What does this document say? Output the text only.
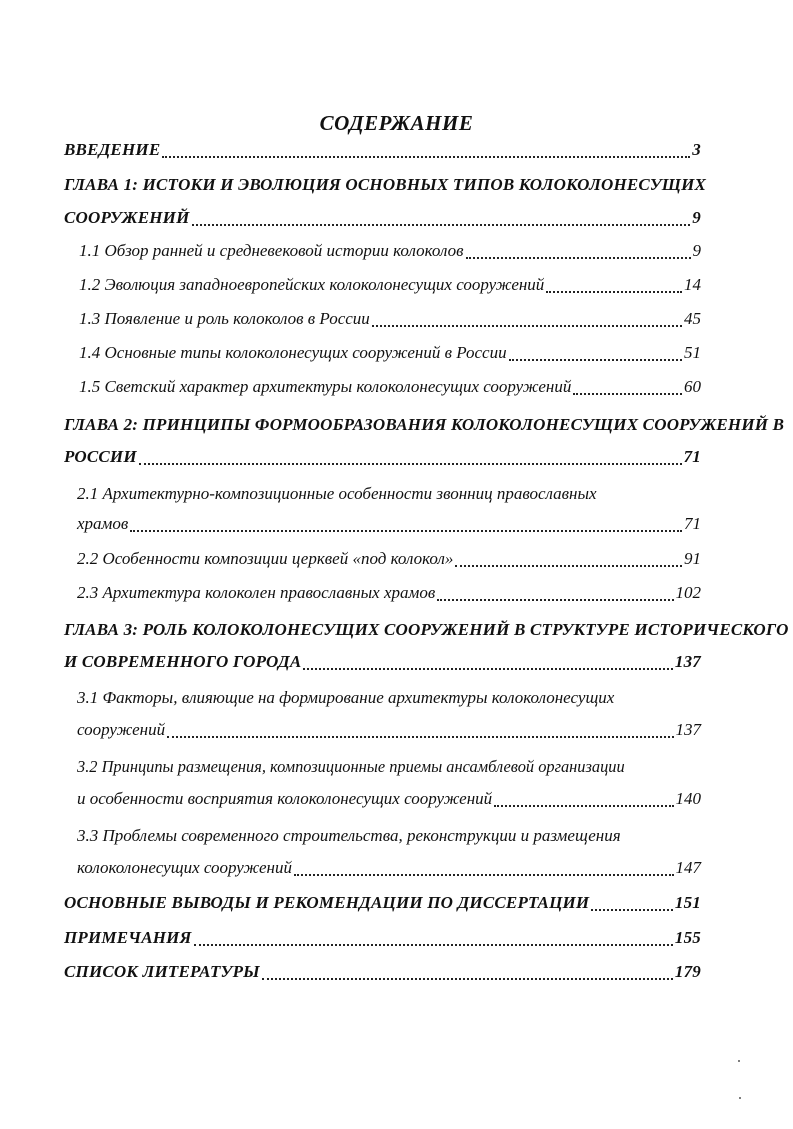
СОДЕРЖАНИЕ
ВВЕДЕНИЕ	3
ГЛАВА 1: ИСТОКИ И ЭВОЛЮЦИЯ ОСНОВНЫХ ТИПОВ КОЛОКОЛОНЕСУЩИХ
СООРУЖЕНИЙ	9
1.1 Обзор ранней и средневековой истории колоколов	9
1.2 Эволюция западноевропейских колоколонесущих сооружений	14
1.3 Появление и роль колоколов в России	45
1.4 Основные типы колоколонесущих сооружений в России	51
1.5 Светский характер архитектуры колоколонесущих сооружений	60
ГЛАВА 2: ПРИНЦИПЫ ФОРМООБРАЗОВАНИЯ КОЛОКОЛОНЕСУЩИХ СООРУЖЕНИЙ В
РОССИИ	71
2.1 Архитектурно-композиционные особенности звонниц православных
храмов	71
2.2 Особенности композиции церквей «под колокол»	91
2.3 Архитектура колоколен православных храмов	102
ГЛАВА 3: РОЛЬ КОЛОКОЛОНЕСУЩИХ СООРУЖЕНИЙ В СТРУКТУРЕ ИСТОРИЧЕСКОГО
И СОВРЕМЕННОГО ГОРОДА	137
3.1 Факторы, влияющие на формирование архитектуры колоколонесущих
сооружений	137
3.2 Принципы размещения, композиционные приемы ансамблевой организации
и особенности восприятия колоколонесущих сооружений	140
3.3 Проблемы современного строительства, реконструкции и размещения
колоколонесущих сооружений	147
ОСНОВНЫЕ ВЫВОДЫ И РЕКОМЕНДАЦИИ ПО ДИССЕРТАЦИИ	151
ПРИМЕЧАНИЯ	155
СПИСОК ЛИТЕРАТУРЫ	179
